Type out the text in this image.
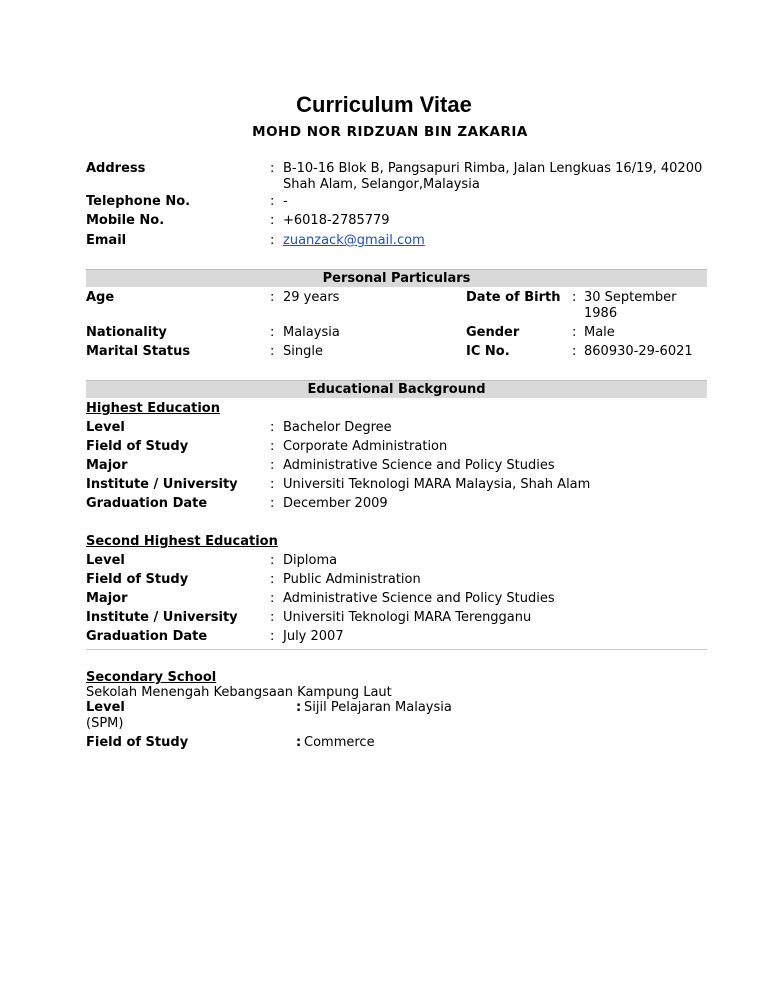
Curriculum Vitae
MOHD NOR RIDZUAN BIN ZAKARIA
Address	: B-10-16 Blok B, Pangsapuri Rimba, Jalan Lengkuas 16/19, 40200
Shah Alam, Selangor,Malaysia
Telephone No.	: -
Mobile No.	: +6018-2785779
Email	: zuanzack@gmail.com
Personal Particulars
Age	: 29 years	Date of Birth : 30 September
1986
Nationality	: Malaysia	Gender	: Male
Marital Status	: Single	IC No.	: 860930-29-6021
Educational Background
Highest Education
Level	: Bachelor Degree
Field of Study	: Corporate Administration
Major	: Administrative Science and Policy Studies
Institute / University : Universiti Teknologi MARA Malaysia, Shah Alam
Graduation Date	: December 2009
Second Highest Education
Level	: Diploma
Field of Study	: Public Administration
Major	: Administrative Science and Policy Studies
Institute / University : Universiti Teknologi MARA Terengganu
Graduation Date	: July 2007
Secondary School
Sekolah Menengah Kebangsaan Kampung Laut
Level	: Sijil Pelajaran Malaysia
(SPM)
Field of Study	: Commerce
